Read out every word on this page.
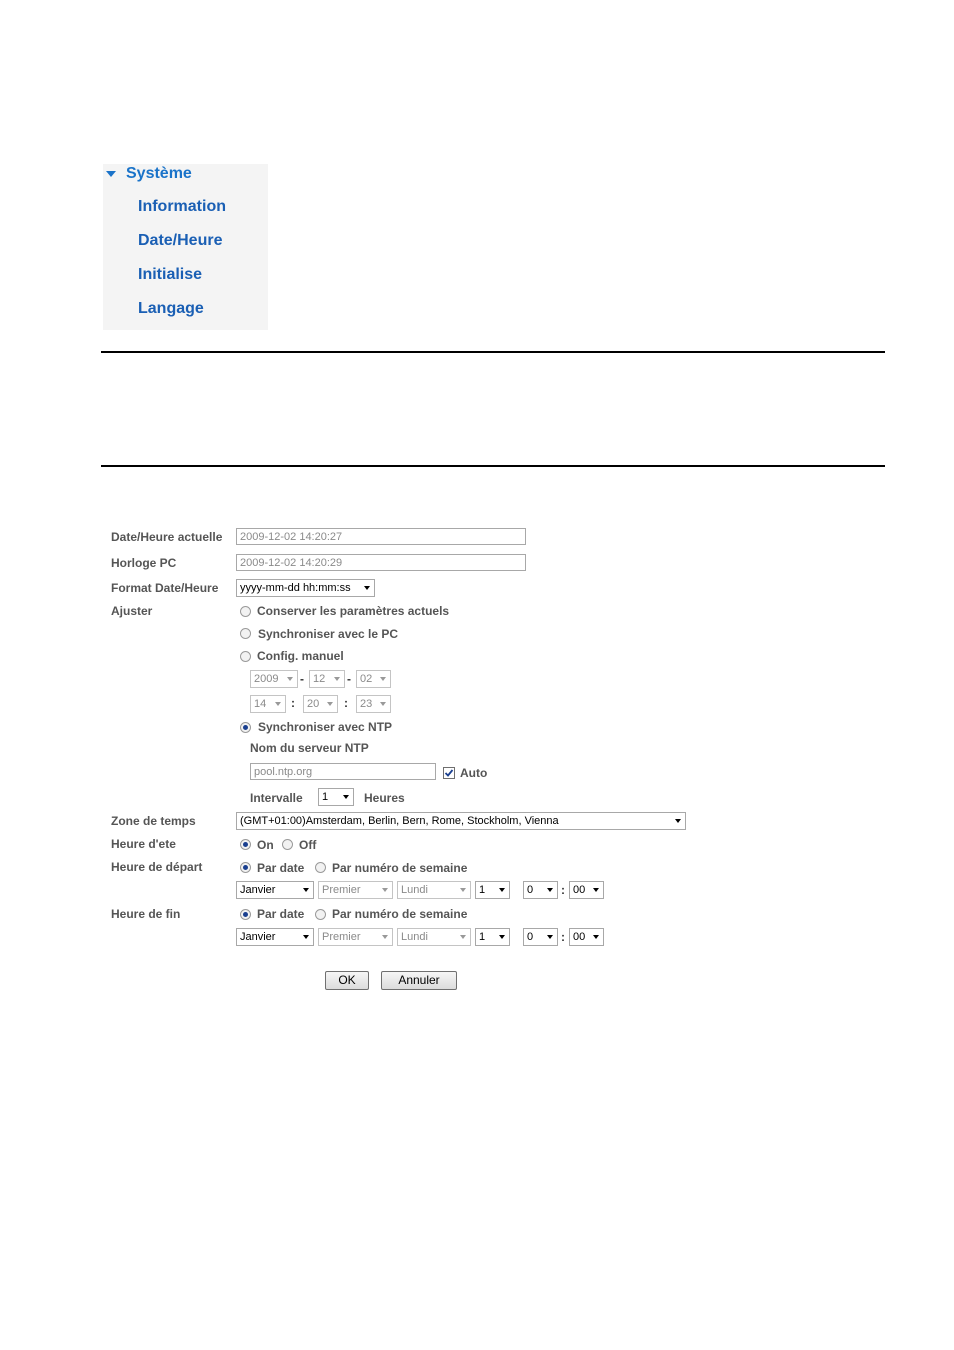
Système
Information
Date/Heure
Initialise
Langage
Date/Heure actuelle	2009-12-02 14:20:27
Horloge PC	2009-12-02 14:20:29
Format Date/Heure	yyyy-mm-dd hh:mm:ss
Ajuster	Conserver les paramètres actuels
Synchroniser avec le PC
Config. manuel
2009	- 12	- 02
14	:	20	:	23
Synchroniser avec NTP
Nom du serveur NTP
pool.ntp.org	Auto
Intervalle	1	Heures
Zone de temps	(GMT+01:00)Amsterdam, Berlin, Bern, Rome, Stockholm, Vienna
Heure d'ete	On Off
Heure de départ	Par date Par numéro de semaine
Janvier	Premier	Lundi	1	0	: 00
Heure de fin	Par date Par numéro de semaine
Janvier	Premier	Lundi	1	0	: 00
OK	Annuler
